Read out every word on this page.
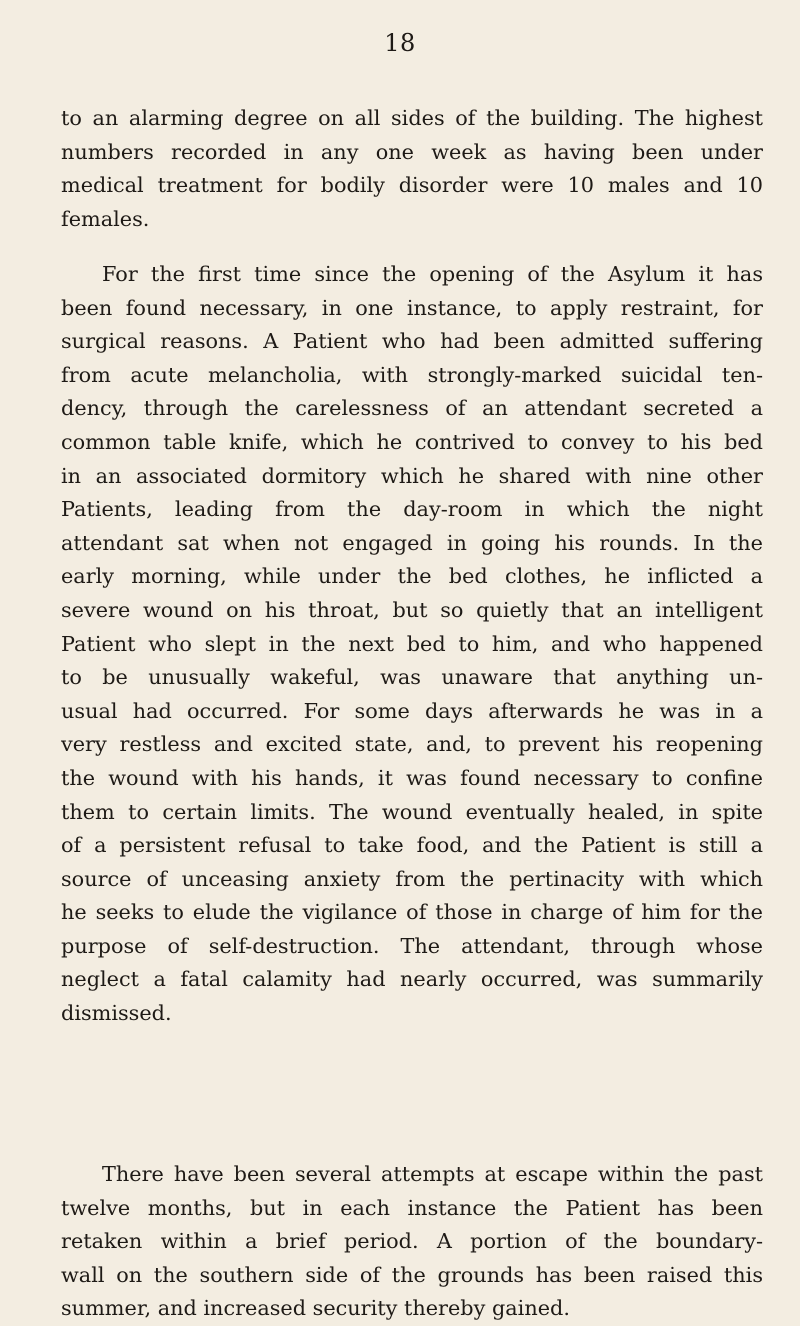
18
to an alarming degree on all sides of the building. The highest
numbers recorded in any one week as having been under
medical treatment for bodily disorder were 10 males and 10
females.
For the first time since the opening of the Asylum it has
been found necessary, in one instance, to apply restraint, for
surgical reasons. A Patient who had been admitted suffering
from acute melancholia, with strongly-marked suicidal ten-
dency, through the carelessness of an attendant secreted a
common table knife, which he contrived to convey to his bed
in an associated dormitory which he shared with nine other
Patients, leading from the day-room in which the night
attendant sat when not engaged in going his rounds. In the
early morning, while under the bed clothes, he inflicted a
severe wound on his throat, but so quietly that an intelligent
Patient who slept in the next bed to him, and who happened
to be unusually wakeful, was unaware that anything un-
usual had occurred. For some days afterwards he was in a
very restless and excited state, and, to prevent his reopening
the wound with his hands, it was found necessary to confine
them to certain limits. The wound eventually healed, in spite
of a persistent refusal to take food, and the Patient is still a
source of unceasing anxiety from the pertinacity with which
he seeks to elude the vigilance of those in charge of him for the
purpose of self-destruction. The attendant, through whose
neglect a fatal calamity had nearly occurred, was summarily
dismissed.
There have been several attempts at escape within the past
twelve months, but in each instance the Patient has been
retaken within a brief period. A portion of the boundary-
wall on the southern side of the grounds has been raised this
summer, and increased security thereby gained.
